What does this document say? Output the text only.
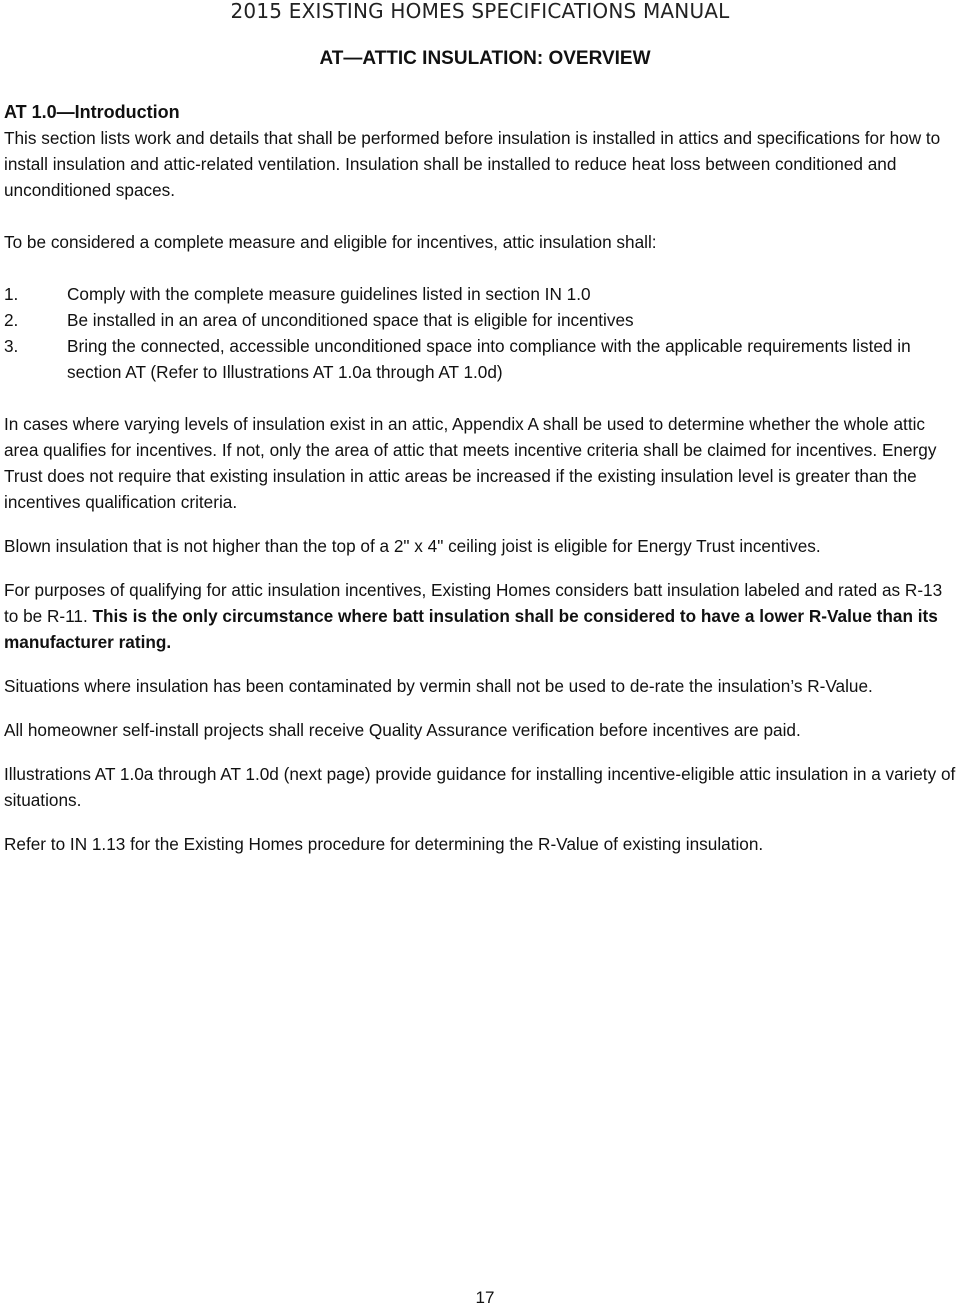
2015 EXISTING HOMES SPECIFICATIONS MANUAL
AT—ATTIC INSULATION: OVERVIEW

AT 1.0—Introduction

This section lists work and details that shall be performed before insulation is installed in attics and specifications for how to install insulation and attic-related ventilation. Insulation shall be installed to reduce heat loss between conditioned and unconditioned spaces.

To be considered a complete measure and eligible for incentives, attic insulation shall:

1.	Comply with the complete measure guidelines listed in section IN 1.0
2.	Be installed in an area of unconditioned space that is eligible for incentives
3.	Bring the connected, accessible unconditioned space into compliance with the applicable requirements listed in section AT (Refer to Illustrations AT 1.0a through AT 1.0d)

In cases where varying levels of insulation exist in an attic, Appendix A shall be used to determine whether the whole attic area qualifies for incentives. If not, only the area of attic that meets incentive criteria shall be claimed for incentives. Energy Trust does not require that existing insulation in attic areas be increased if the existing insulation level is greater than the incentives qualification criteria.

Blown insulation that is not higher than the top of a 2" x 4" ceiling joist is eligible for Energy Trust incentives.

For purposes of qualifying for attic insulation incentives, Existing Homes considers batt insulation labeled and rated as R-13 to be R-11. This is the only circumstance where batt insulation shall be considered to have a lower R-Value than its manufacturer rating.

Situations where insulation has been contaminated by vermin shall not be used to de-rate the insulation’s R-Value.

All homeowner self-install projects shall receive Quality Assurance verification before incentives are paid.

Illustrations AT 1.0a through AT 1.0d (next page) provide guidance for installing incentive-eligible attic insulation in a variety of situations.

Refer to IN 1.13 for the Existing Homes procedure for determining the R-Value of existing insulation.

17
